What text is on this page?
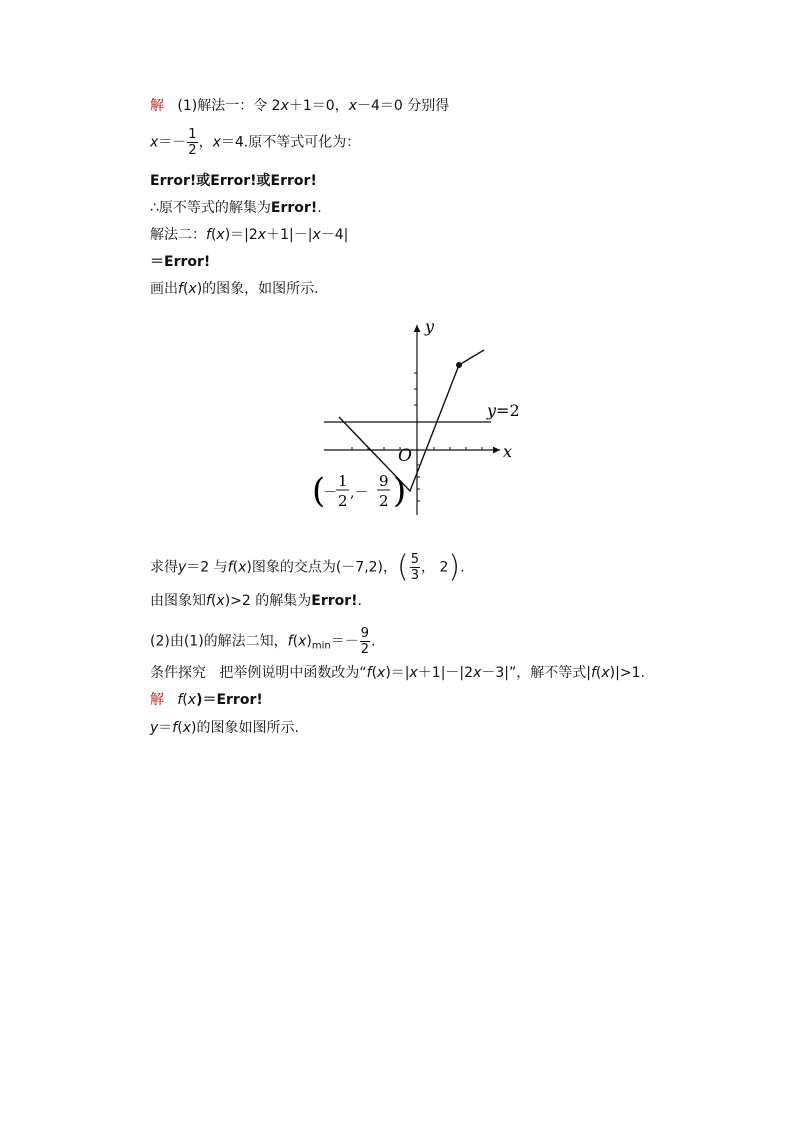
解 (1)解法一：令 2x＋1＝0，x－4＝0 分别得
$x=- \frac{1}{2}$ ，x＝4.原不等式可化为：
Error!或Error!或Error!
∴原不等式的解集为Error!.
解法二：f(x)＝|2x＋1|－|x－4|
＝Error!
画出f(x)的图象，如图所示.
y
x
O
y=2
(
－
1
2 ,－
9
2 )
求得y＝2 与f(x)图象的交点为(－7,2)，( $\frac{5}{3}$ ， 2).
由图象知f(x)>2 的解集为Error!.
(2)由(1)的解法二知，$f(x)_{min}=- \frac{9}{2}$ .
条件探究 把举例说明中函数改为“f(x)＝|x＋1|－|2x－3|”，解不等式|f(x)|>1.
解 f(x)＝Error!
y＝f(x)的图象如图所示.
